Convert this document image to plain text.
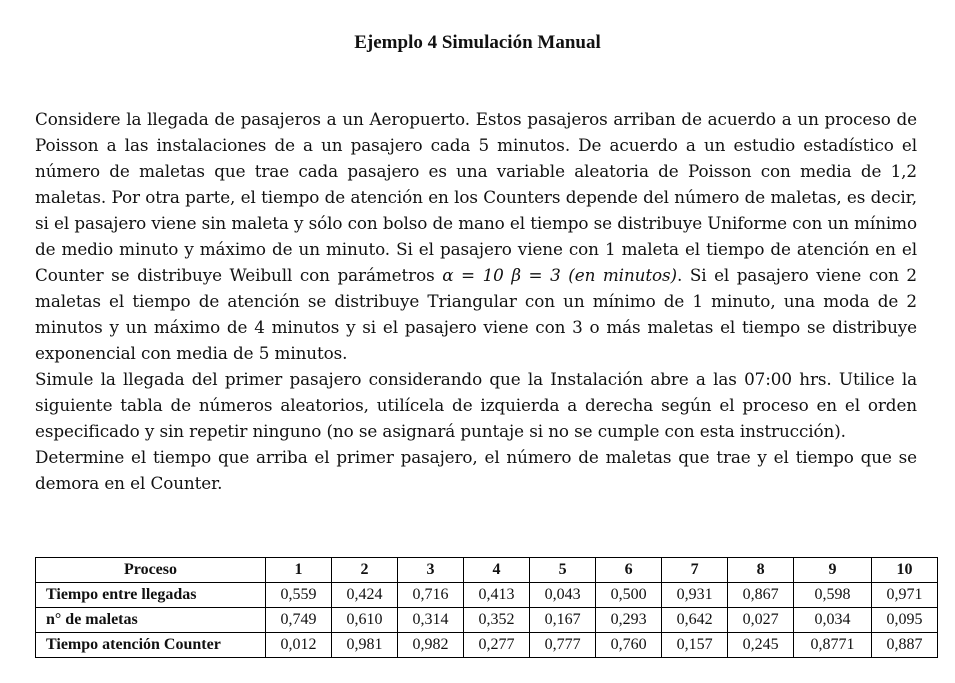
Ejemplo 4 Simulación Manual

Considere la llegada de pasajeros a un Aeropuerto. Estos pasajeros arriban de acuerdo a un proceso de Poisson a las instalaciones de a un pasajero cada 5 minutos. De acuerdo a un estudio estadístico el número de maletas que trae cada pasajero es una variable aleatoria de Poisson con media de 1,2 maletas. Por otra parte, el tiempo de atención en los Counters depende del número de maletas, es decir, si el pasajero viene sin maleta y sólo con bolso de mano el tiempo se distribuye Uniforme con un mínimo de medio minuto y máximo de un minuto. Si el pasajero viene con 1 maleta el tiempo de atención en el Counter se distribuye Weibull con parámetros α = 10 β = 3 (en minutos). Si el pasajero viene con 2 maletas el tiempo de atención se distribuye Triangular con un mínimo de 1 minuto, una moda de 2 minutos y un máximo de 4 minutos y si el pasajero viene con 3 o más maletas el tiempo se distribuye exponencial con media de 5 minutos.

Simule la llegada del primer pasajero considerando que la Instalación abre a las 07:00 hrs. Utilice la siguiente tabla de números aleatorios, utilícela de izquierda a derecha según el proceso en el orden especificado y sin repetir ninguno (no se asignará puntaje si no se cumple con esta instrucción).

Determine el tiempo que arriba el primer pasajero, el número de maletas que trae y el tiempo que se demora en el Counter.

Proceso	1	2	3	4	5	6	7	8	9	10
Tiempo entre llegadas	0,559	0,424	0,716	0,413	0,043	0,500	0,931	0,867	0,598	0,971
n° de maletas	0,749	0,610	0,314	0,352	0,167	0,293	0,642	0,027	0,034	0,095
Tiempo atención Counter	0,012	0,981	0,982	0,277	0,777	0,760	0,157	0,245	0,8771	0,887
